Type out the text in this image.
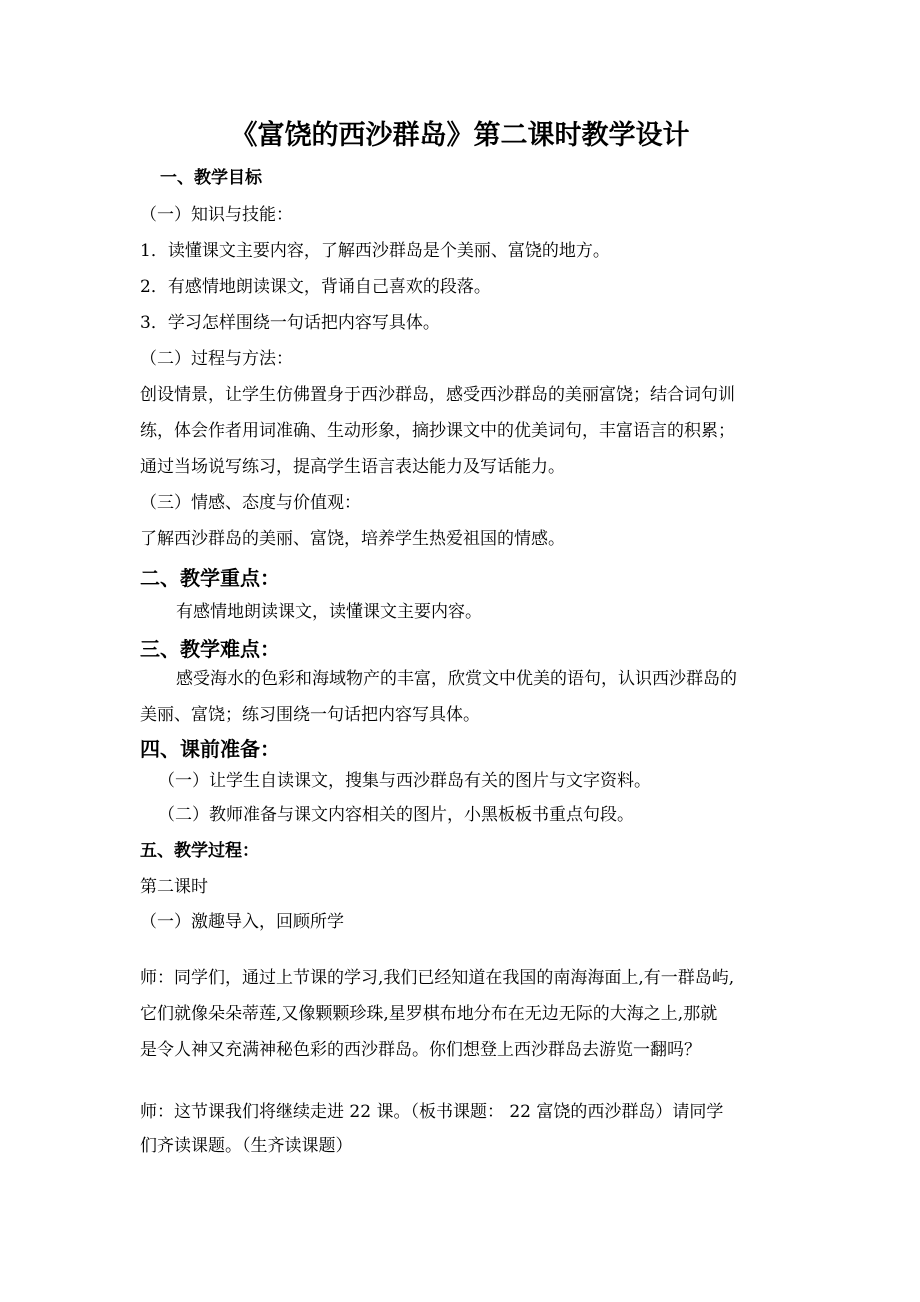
《富饶的西沙群岛》第二课时教学设计
一、教学目标
（一）知识与技能：
1．读懂课文主要内容，了解西沙群岛是个美丽、富饶的地方。
2．有感情地朗读课文，背诵自己喜欢的段落。
3．学习怎样围绕一句话把内容写具体。
（二）过程与方法：
创设情景，让学生仿佛置身于西沙群岛，感受西沙群岛的美丽富饶；结合词句训
练，体会作者用词准确、生动形象，摘抄课文中的优美词句，丰富语言的积累；
通过当场说写练习，提高学生语言表达能力及写话能力。
（三）情感、态度与价值观：
了解西沙群岛的美丽、富饶，培养学生热爱祖国的情感。
二、教学重点：
有感情地朗读课文，读懂课文主要内容。
三、教学难点：
感受海水的色彩和海域物产的丰富，欣赏文中优美的语句，认识西沙群岛的
美丽、富饶；练习围绕一句话把内容写具体。
四、课前准备：
（一）让学生自读课文，搜集与西沙群岛有关的图片与文字资料。
（二）教师准备与课文内容相关的图片，小黑板板书重点句段。
五、教学过程：
第二课时
（一）激趣导入，回顾所学
师：同学们，通过上节课的学习,我们已经知道在我国的南海海面上,有一群岛屿,
它们就像朵朵蒂莲,又像颗颗珍珠,星罗棋布地分布在无边无际的大海之上,那就
是令人神又充满神秘色彩的西沙群岛。你们想登上西沙群岛去游览一翻吗？
师：这节课我们将继续走进 22 课。（板书课题： 22 富饶的西沙群岛）请同学
们齐读课题。（生齐读课题）
